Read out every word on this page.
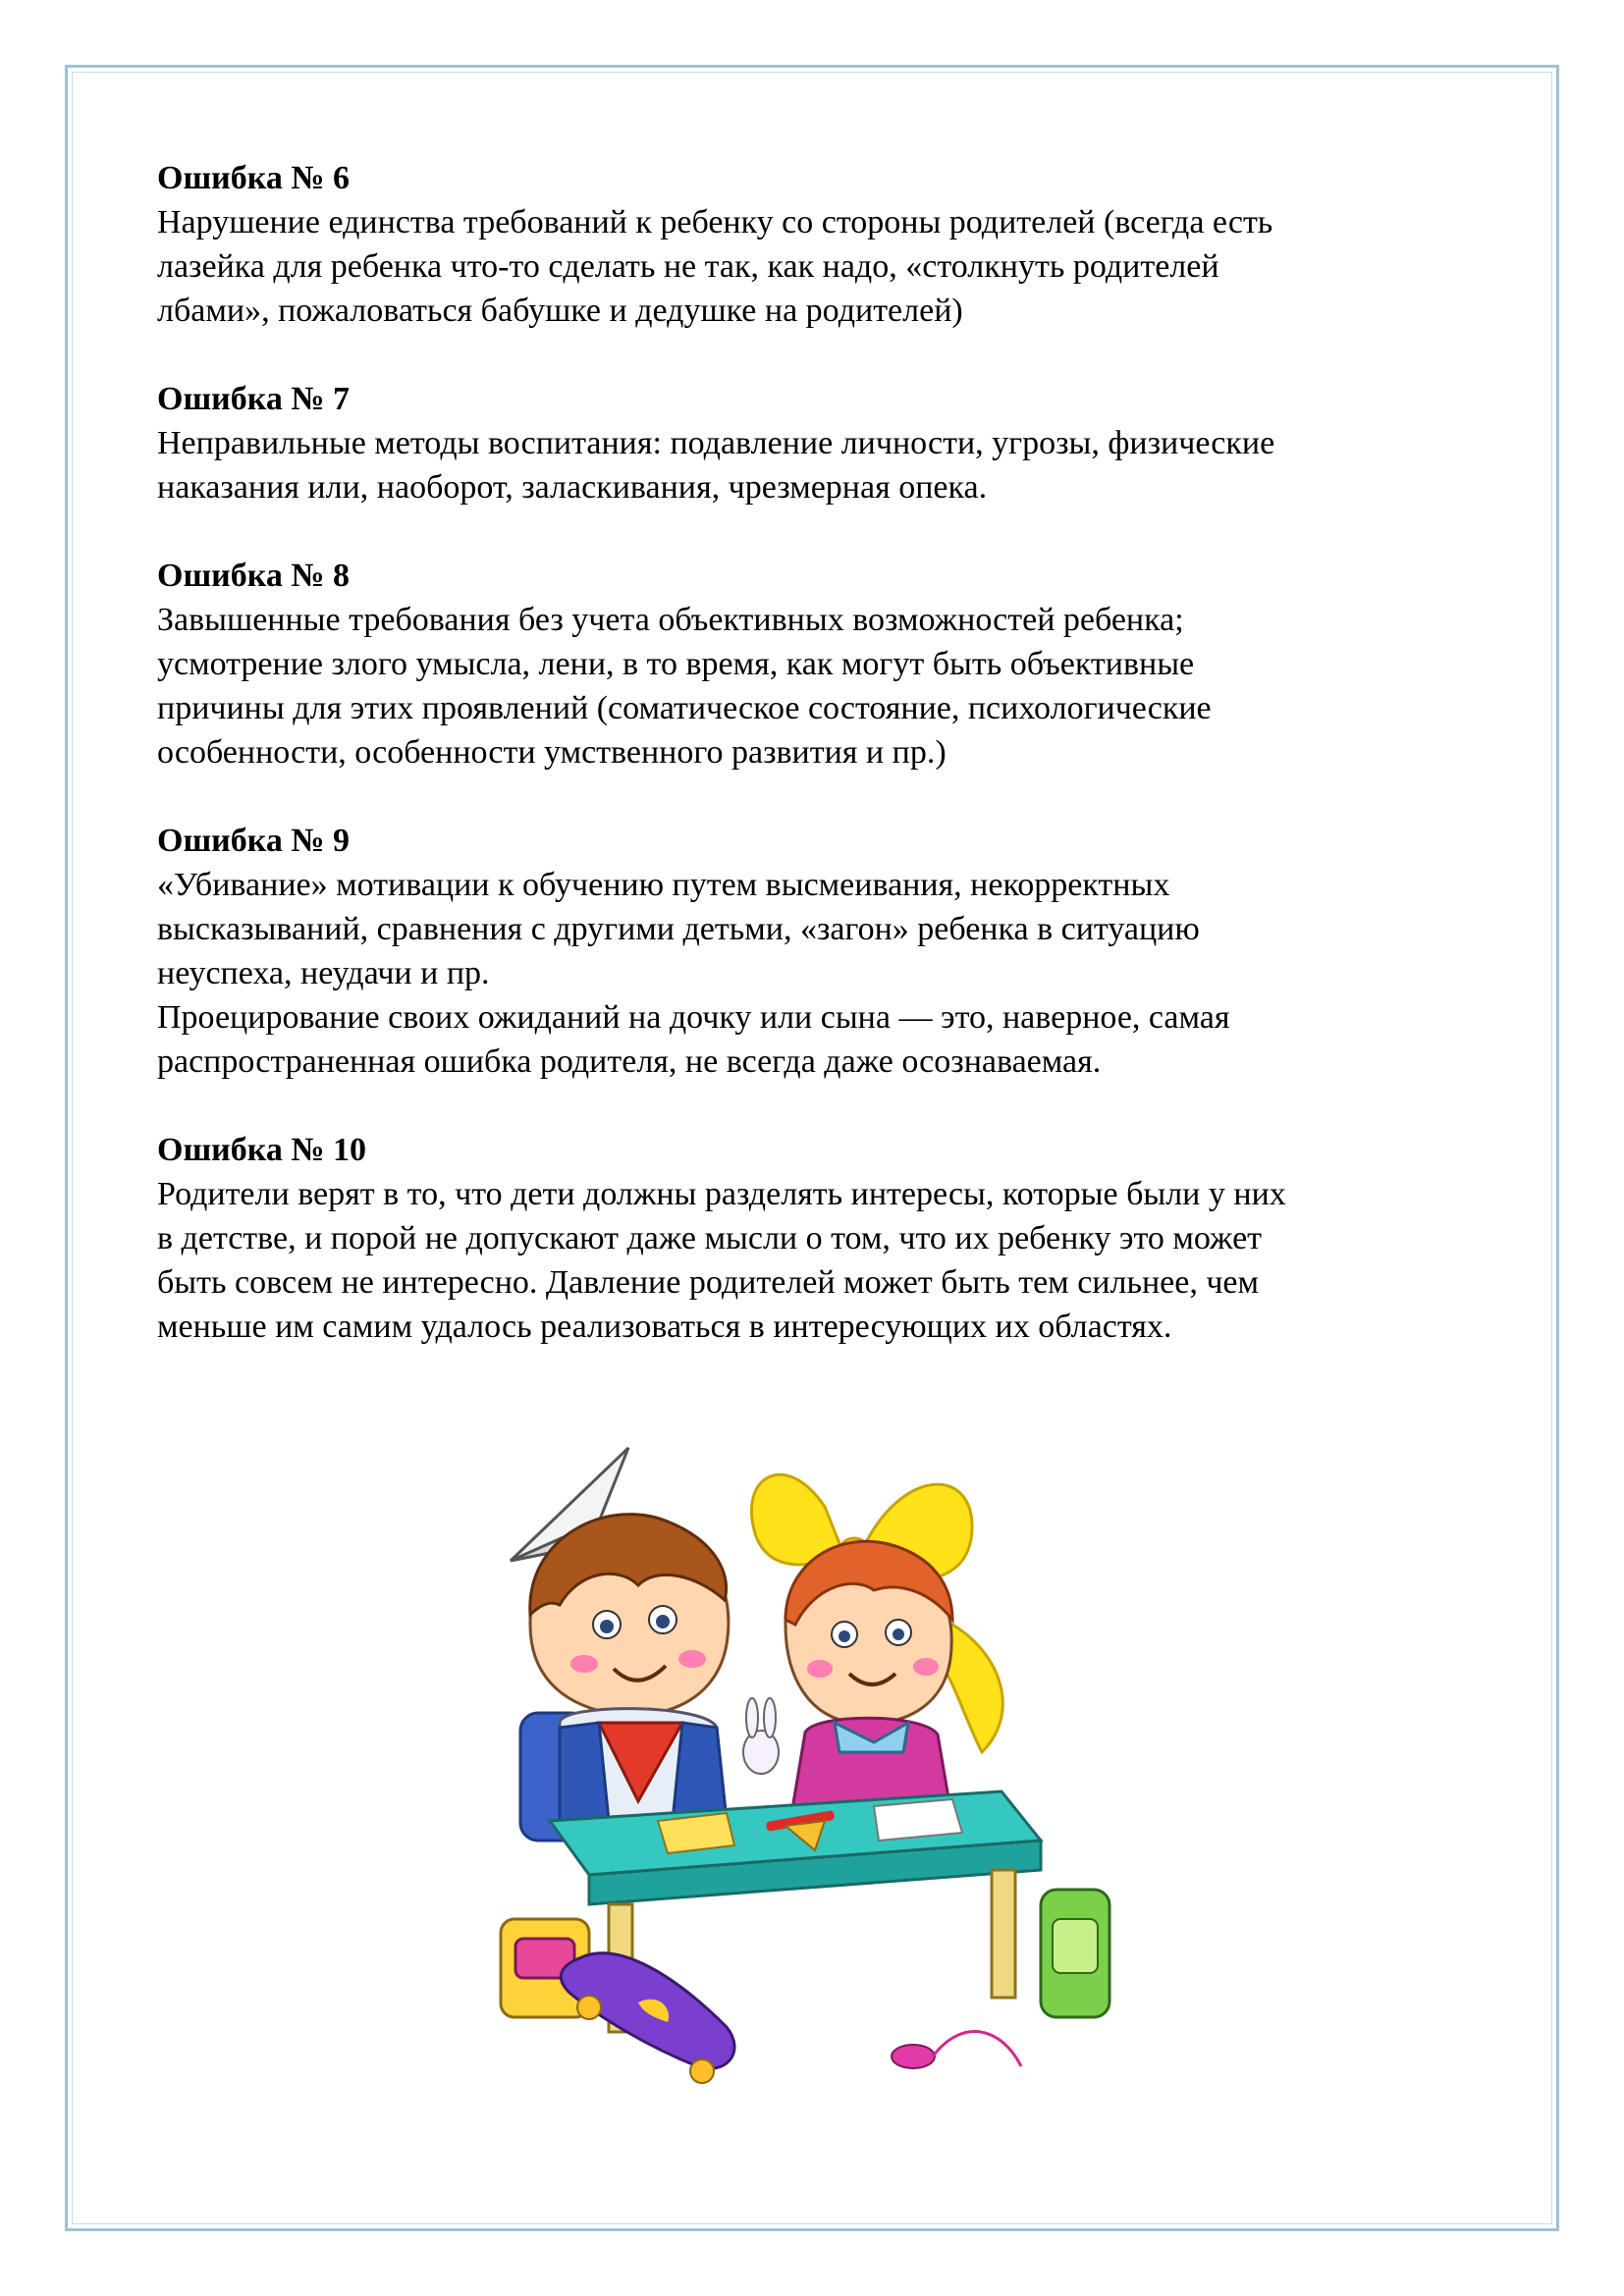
Ошибка № 6

Нарушение единства требований к ребенку со стороны родителей (всегда есть
лазейка для ребенка что-то сделать не так, как надо, «столкнуть родителей
лбами», пожаловаться бабушке и дедушке на родителей)

Ошибка № 7

Неправильные методы воспитания: подавление личности, угрозы, физические
наказания или, наоборот, заласкивания, чрезмерная опека.

Ошибка № 8

Завышенные требования без учета объективных возможностей ребенка;
усмотрение злого умысла, лени, в то время, как могут быть объективные
причины для этих проявлений (соматическое состояние, психологические
особенности, особенности умственного развития и пр.)

Ошибка № 9

«Убивание» мотивации к обучению путем высмеивания, некорректных
высказываний, сравнения с другими детьми, «загон» ребенка в ситуацию
неуспеха, неудачи и пр.
Проецирование своих ожиданий на дочку или сына — это, наверное, самая
распространенная ошибка родителя, не всегда даже осознаваемая.

Ошибка № 10

Родители верят в то, что дети должны разделять интересы, которые были у них
в детстве, и порой не допускают даже мысли о том, что их ребенку это может
быть совсем не интересно. Давление родителей может быть тем сильнее, чем
меньше им самим удалось реализоваться в интересующих их областях.
